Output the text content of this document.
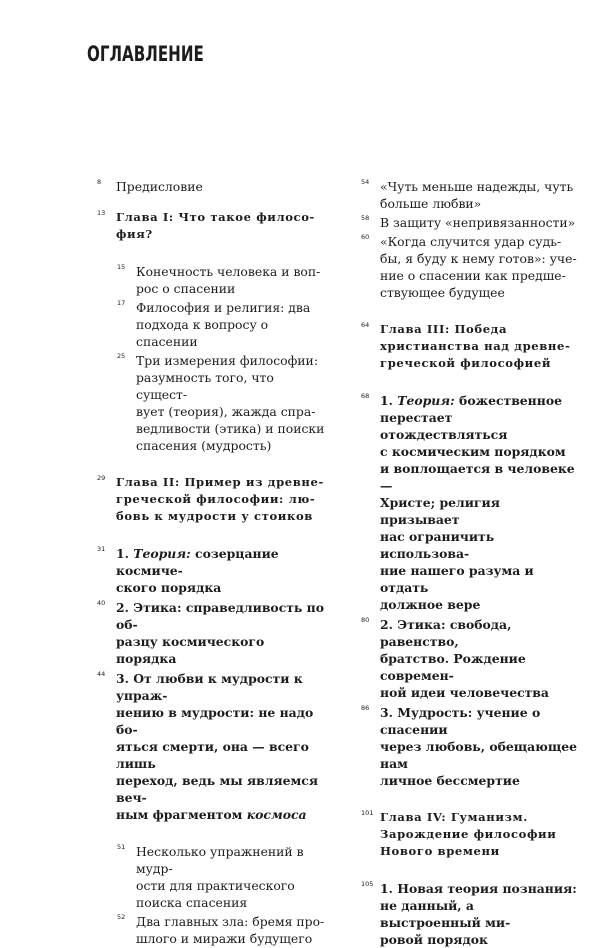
ОГЛАВЛЕНИЕ
8 Предисловие
13 Глава I: Что такое филосо-
фия?
15 Конечность человека и воп-
рос о спасении
17 Философия и религия: два
подхода к вопросу о спасении
25 Три измерения философии:
разумность того, что сущест-
вует (теория), жажда спра-
ведливости (этика) и поиски
спасения (мудрость)
29 Глава II: Пример из древне-
греческой философии: лю-
бовь к мудрости у стоиков
31 1. Теория: созерцание космиче-
ского порядка
40 2. Этика: справедливость по об-
разцу космического порядка
44 3. От любви к мудрости к упраж-
нению в мудрости: не надо бо-
яться смерти, она — всего лишь
переход, ведь мы являемся веч-
ным фрагментом космоса
51 Несколько упражнений в мудр-
ости для практического
поиска спасения
52 Два главных зла: бремя про-
шлого и миражи будущего
54 «Чуть меньше надежды, чуть
больше любви»
58 В защиту «непривязанности»
60 «Когда случится удар судь-
бы, я буду к нему готов»: уче-
ние о спасении как предше-
ствующее будущее
64 Глава III: Победа
христианства над древне-
греческой философией
68 1. Теория: божественное
перестает отождествляться
с космическим порядком
и воплощается в человеке —
Христе; религия призывает
нас ограничить использова-
ние нашего разума и отдать
должное вере
80 2. Этика: свобода, равенство,
братство. Рождение современ-
ной идеи человечества
86 3. Мудрость: учение о спасении
через любовь, обещающее нам
личное бессмертие
101 Глава IV: Гуманизм.
Зарождение философии
Нового времени
105 1. Новая теория познания:
не данный, а выстроенный ми-
ровой порядок
